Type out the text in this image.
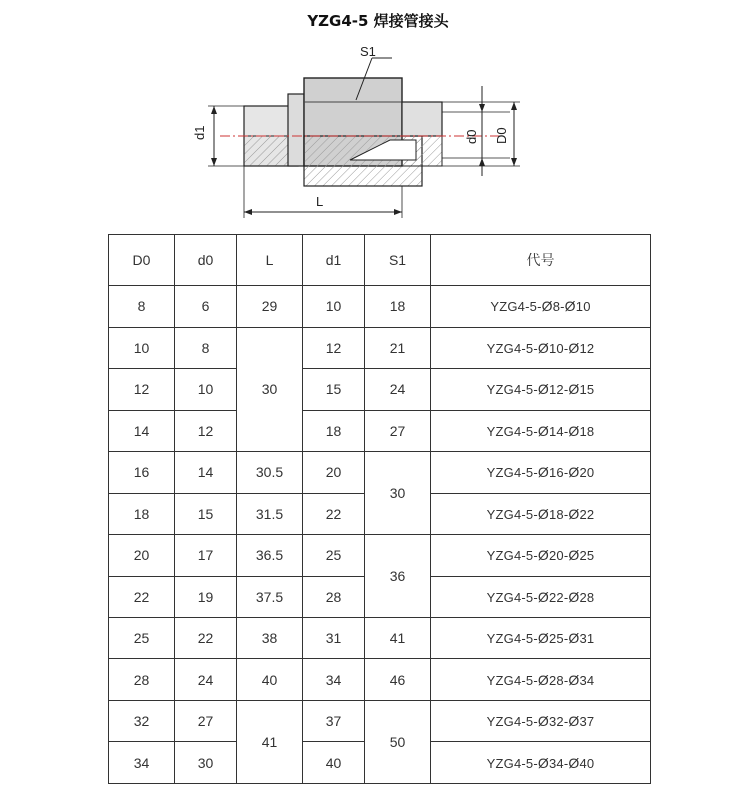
YZG4-5 焊接管接头
S1
d1	d0 D0
L
D0	d0	L	d1	S1	代号
8	6	29	10	18	YZG4-5-Ø8-Ø10
10	8	30	12	21	YZG4-5-Ø10-Ø12
12	10		15	24	YZG4-5-Ø12-Ø15
14	12		18	27	YZG4-5-Ø14-Ø18
16	14	30.5	20	30	YZG4-5-Ø16-Ø20
18	15	31.5	22		YZG4-5-Ø18-Ø22
20	17	36.5	25	36	YZG4-5-Ø20-Ø25
22	19	37.5	28		YZG4-5-Ø22-Ø28
25	22	38	31	41	YZG4-5-Ø25-Ø31
28	24	40	34	46	YZG4-5-Ø28-Ø34
32	27	41	37	50	YZG4-5-Ø32-Ø37
34	30		40		YZG4-5-Ø34-Ø40
